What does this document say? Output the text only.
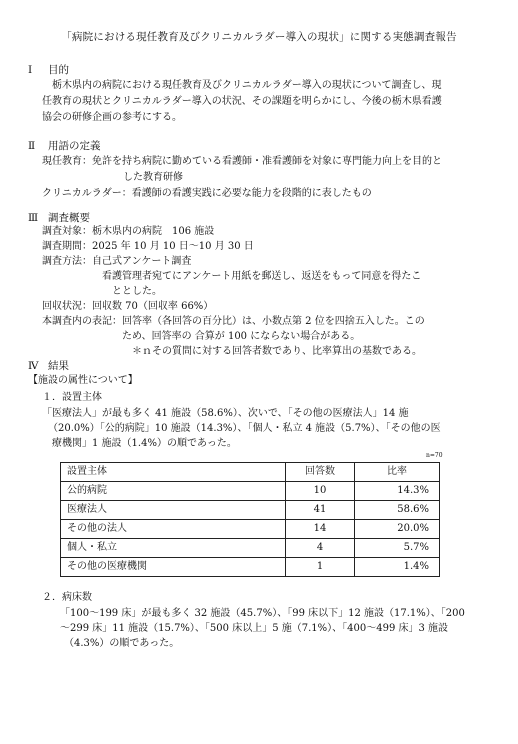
「病院における現任教育及びクリニカルラダー導入の現状」に関する実態調査報告
Ⅰ 目的
栃木県内の病院における現任教育及びクリニカルラダー導入の現状について調査し、現
任教育の現状とクリニカルラダー導入の状況、その課題を明らかにし、今後の栃木県看護
協会の研修企画の参考にする。
Ⅱ 用語の定義
現任教育： 免許を持ち病院に勤めている看護師・准看護師を対象に専門能力向上を目的と
した教育研修
クリニカルラダー： 看護師の看護実践に必要な能力を段階的に表したもの
Ⅲ 調査概要
調査対象： 栃木県内の病院　106 施設
調査期間： 2025 年 10 月 10 日～10 月 30 日
調査方法： 自己式アンケート調査
看護管理者宛てにアンケート用紙を郵送し、返送をもって同意を得たこ
ととした。
回収状況： 回収数 70（回収率 66%）
本調査内の表記： 回答率（各回答の百分比）は、小数点第 2 位を四捨五入した。この
ため、回答率の 合算が 100 にならない場合がある。
＊ｎその質問に対する回答者数であり、比率算出の基数である。
Ⅳ 結果
【施設の属性について】
１．設置主体
「医療法人」が最も多く 41 施設（58.6%）、次いで、「その他の医療法人」14 施
（20.0%）「公的病院」10 施設（14.3%）、「個人・私立 4 施設（5.7%）、「その他の医
療機関」1 施設（1.4%）の順であった。
n=70
設置主体	回答数	比率
公的病院	10	14.3%
医療法人	41	58.6%
その他の法人	14	20.0%
個人・私立	4	5.7%
その他の医療機関	1	1.4%
２．病床数
「100～199 床」が最も多く 32 施設（45.7%）、「99 床以下」12 施設（17.1%）、「200
～299 床」11 施設（15.7%）、「500 床以上」5 施（7.1%）、「400～499 床」3 施設
（4.3%）の順であった。
